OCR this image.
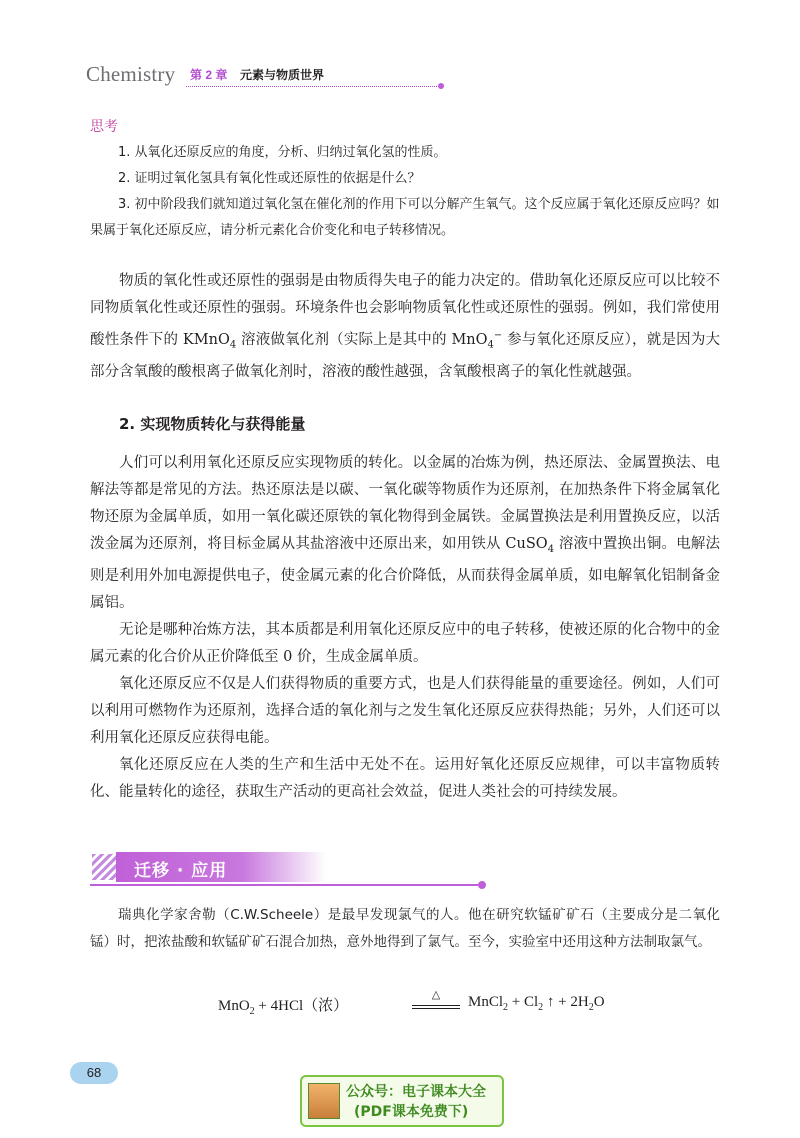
Chemistry 第 2 章 元素与物质世界
思考

1. 从氧化还原反应的角度，分析、归纳过氧化氢的性质。

2. 证明过氧化氢具有氧化性或还原性的依据是什么？

3. 初中阶段我们就知道过氧化氢在催化剂的作用下可以分解产生氧气。这个反应属于氧化还原反应吗？如果属于氧化还原反应，请分析元素化合价变化和电子转移情况。

物质的氧化性或还原性的强弱是由物质得失电子的能力决定的。借助氧化还原反应可以比较不同物质氧化性或还原性的强弱。环境条件也会影响物质氧化性或还原性的强弱。例如，我们常使用酸性条件下的 KMnO$_4$ 溶液做氧化剂（实际上是其中的 MnO$_4$− 参与氧化还原反应），就是因为大部分含氧酸的酸根离子做氧化剂时，溶液的酸性越强，含氧酸根离子的氧化性就越强。

2. 实现物质转化与获得能量

人们可以利用氧化还原反应实现物质的转化。以金属的冶炼为例，热还原法、金属置换法、电解法等都是常见的方法。热还原法是以碳、一氧化碳等物质作为还原剂，在加热条件下将金属氧化物还原为金属单质，如用一氧化碳还原铁的氧化物得到金属铁。金属置换法是利用置换反应，以活泼金属为还原剂，将目标金属从其盐溶液中还原出来，如用铁从 CuSO$_4$ 溶液中置换出铜。电解法则是利用外加电源提供电子，使金属元素的化合价降低，从而获得金属单质，如电解氧化铝制备金属铝。

无论是哪种冶炼方法，其本质都是利用氧化还原反应中的电子转移，使被还原的化合物中的金属元素的化合价从正价降低至 0 价，生成金属单质。

氧化还原反应不仅是人们获得物质的重要方式，也是人们获得能量的重要途径。例如，人们可以利用可燃物作为还原剂，选择合适的氧化剂与之发生氧化还原反应获得热能；另外，人们还可以利用氧化还原反应获得电能。

氧化还原反应在人类的生产和生活中无处不在。运用好氧化还原反应规律，可以丰富物质转化、能量转化的途径，获取生产活动的更高社会效益，促进人类社会的可持续发展。

迁移 · 应用

瑞典化学家舍勒（C.W.Scheele）是最早发现氯气的人。他在研究软锰矿矿石（主要成分是二氧化锰）时，把浓盐酸和软锰矿矿石混合加热，意外地得到了氯气。至今，实验室中还用这种方法制取氯气。

MnO$_2$ + 4HCl（浓）
△	MnCl$_2$ + $Cl_2$ ↑ + $2H_2O$
68
公众号：电子课本大全
(PDF课本免费下)
